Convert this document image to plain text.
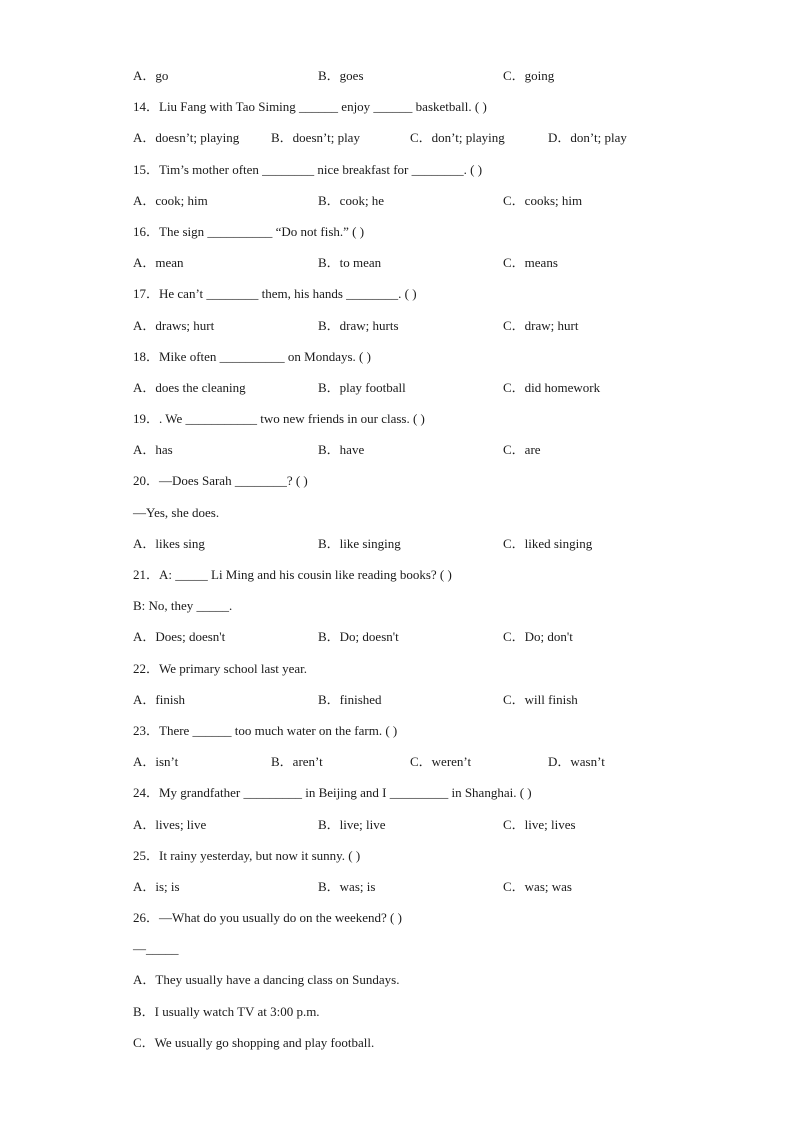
A．go	B．goes	C．going
14．Liu Fang with Tao Siming ______ enjoy ______ basketball. ( )
A．doesn’t; playing B．doesn’t; play	C．don’t; playing	D．don’t; play
15．Tim’s mother often ________ nice breakfast for ________. ( )
A．cook; him	B．cook; he	C．cooks; him
16．The sign __________ “Do not fish.” ( )
A．mean	B．to mean	C．means
17．He can’t ________ them, his hands ________. ( )
A．draws; hurt	B．draw; hurts	C．draw; hurt
18．Mike often __________ on Mondays. ( )
A．does the cleaning	B．play football	C．did homework
19．. We ___________ two new friends in our class. ( )
A．has	B．have	C．are
20．—Does Sarah ________? ( )
—Yes, she does.
A．likes sing	B．like singing	C．liked singing
21．A: _____ Li Ming and his cousin like reading books? ( )
B: No, they _____.
A．Does; doesn't	B．Do; doesn't	C．Do; don't
22．We primary school last year.
A．finish	B．finished	C．will finish
23．There ______ too much water on the farm. ( )
A．isn’t	B．aren’t	C．weren’t	D．wasn’t
24．My grandfather _________ in Beijing and I _________ in Shanghai. ( )
A．lives; live	B．live; live	C．live; lives
25．It rainy yesterday, but now it sunny. ( )
A．is; is	B．was; is	C．was; was
26．—What do you usually do on the weekend? ( )
—_____
A．They usually have a dancing class on Sundays.
B．I usually watch TV at 3:00 p.m.
C．We usually go shopping and play football.
